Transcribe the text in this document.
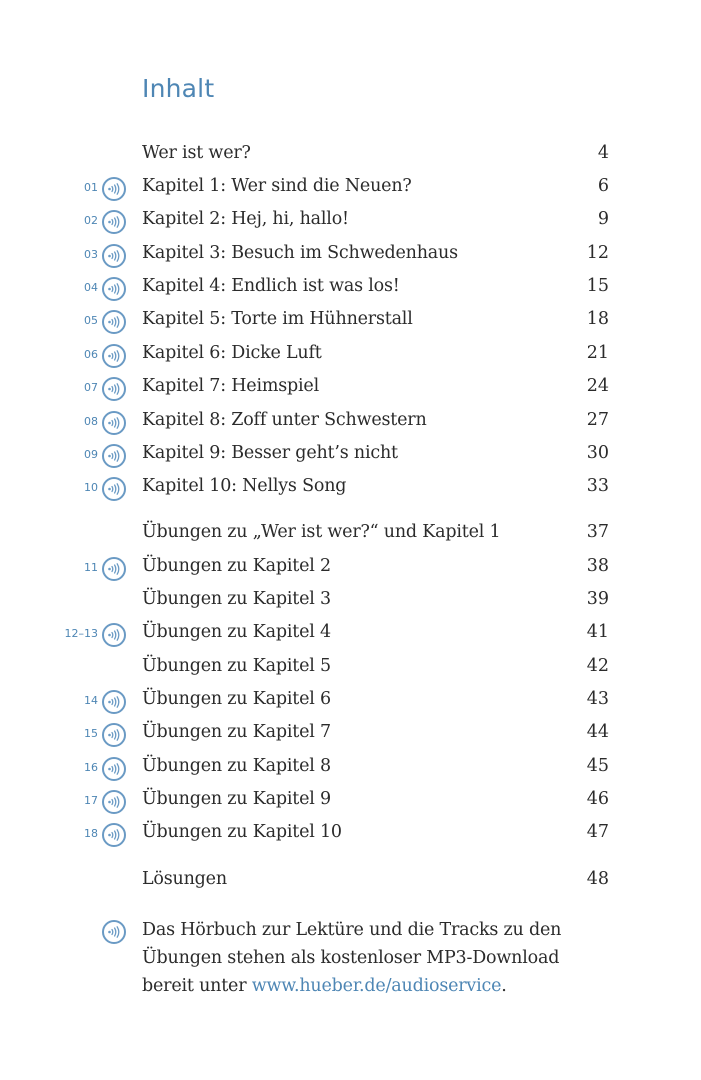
Inhalt
Wer ist wer?	4
01	Kapitel 1: Wer sind die Neuen?	6
02	Kapitel 2: Hej, hi, hallo!	9
03	Kapitel 3: Besuch im Schwedenhaus	12
04	Kapitel 4: Endlich ist was los!	15
05	Kapitel 5: Torte im Hühnerstall	18
06	Kapitel 6: Dicke Luft	21
07	Kapitel 7: Heimspiel	24
08	Kapitel 8: Zoff unter Schwestern	27
09	Kapitel 9: Besser geht’s nicht	30
10	Kapitel 10: Nellys Song	33
Übungen zu „Wer ist wer?“ und Kapitel 1	37
11	Übungen zu Kapitel 2	38
Übungen zu Kapitel 3	39
12–13	Übungen zu Kapitel 4	41
Übungen zu Kapitel 5	42
14	Übungen zu Kapitel 6	43
15	Übungen zu Kapitel 7	44
16	Übungen zu Kapitel 8	45
17	Übungen zu Kapitel 9	46
18	Übungen zu Kapitel 10	47
Lösungen	48
Das Hörbuch zur Lektüre und die Tracks zu den
Übungen stehen als kostenloser MP3-Download
bereit unter www.hueber.de/audioservice.
